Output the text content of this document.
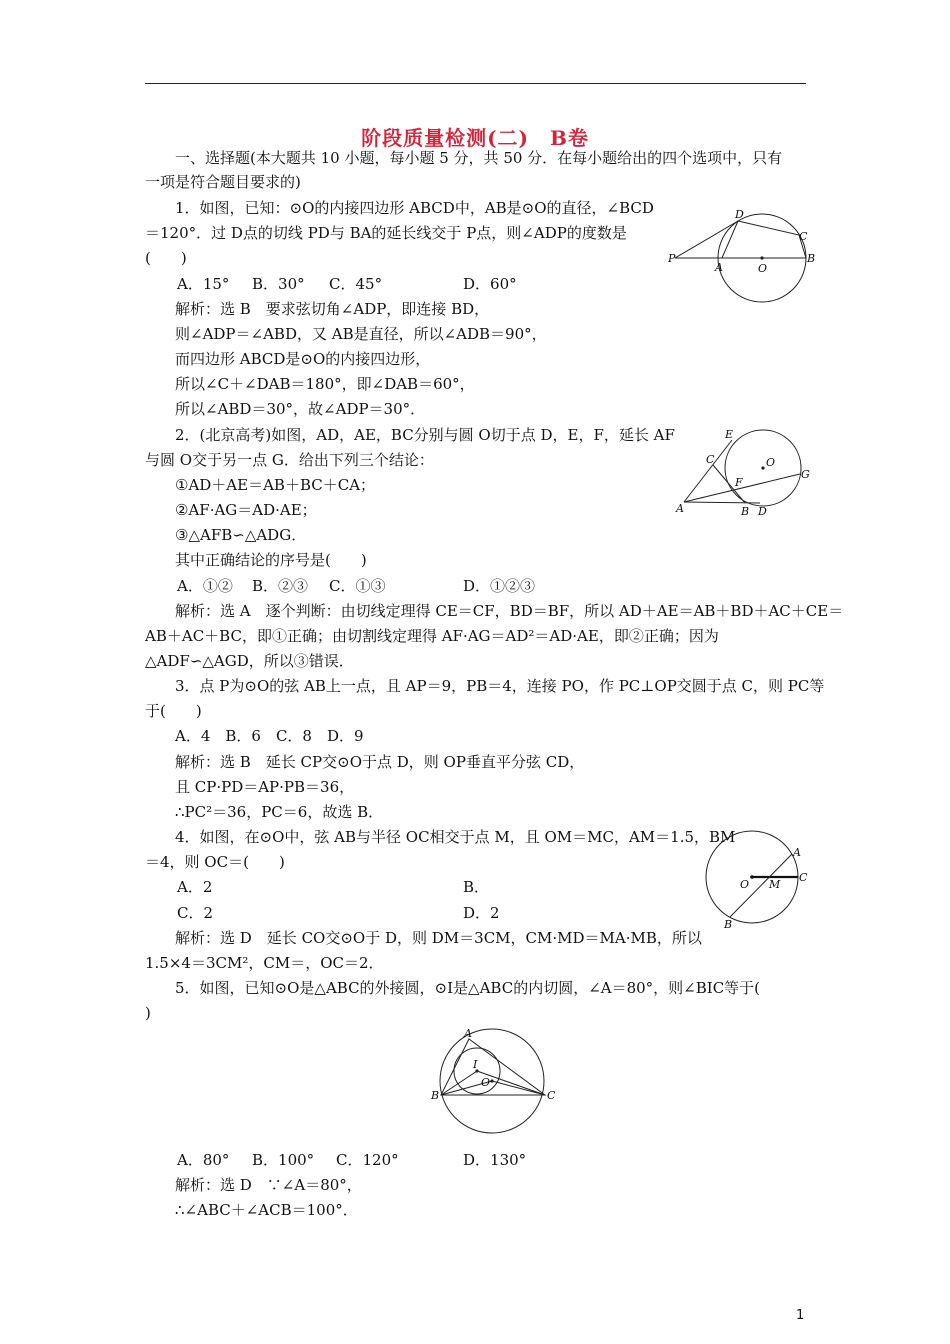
阶段质量检测(二)　B卷
一、选择题(本大题共 10 小题，每小题 5 分，共 50 分．在每小题给出的四个选项中，只有
一项是符合题目要求的)
1．如图，已知：⊙O的内接四边形 ABCD中，AB是⊙O的直径，∠BCD
＝120°．过 D点的切线 PD与 BA的延长线交于 P点，则∠ADP的度数是
(　　)
A．15° B．30° C．45°	D．60°
解析：选 B　要求弦切角∠ADP，即连接 BD，
则∠ADP＝∠ABD，又 AB是直径，所以∠ADB＝90°，
而四边形 ABCD是⊙O的内接四边形，
所以∠C＋∠DAB＝180°，即∠DAB＝60°，
所以∠ABD＝30°，故∠ADP＝30°．
P
A	O
B
C
D
2．(北京高考)如图，AD，AE，BC分别与圆 O切于点 D，E，F，延长 AF
与圆 O交于另一点 G．给出下列三个结论：
①AD＋AE＝AB＋BC＋CA；
②AF·AG＝AD·AE；
③△AFB∽△ADG．
其中正确结论的序号是(　　)
A．①② B．②③ C．①③	D．①②③
解析：选 A　逐个判断：由切线定理得 CE＝CF，BD＝BF，所以 AD＋AE＝AB＋BD＋AC＋CE＝
AB＋AC＋BC，即①正确；由切割线定理得 AF·AG＝AD²＝AD·AE，即②正确；因为
△ADF∽△AGD，所以③错误．
E
C	O
G
F
A	B D
3．点 P为⊙O的弦 AB上一点，且 AP＝9，PB＝4，连接 PO，作 PC⊥OP交圆于点 C，则 PC等
于(　　)
A．4　B．6　C．8　D．9
解析：选 B　延长 CP交⊙O于点 D，则 OP垂直平分弦 CD，
且 CP·PD＝AP·PB＝36，
∴PC²＝36，PC＝6，故选 B．
4．如图，在⊙O中，弦 AB与半径 OC相交于点 M，且 OM＝MC，AM＝1.5，BM
＝4，则 OC＝(　　)
A．2	B．
C．2	D．2
解析：选 D　延长 CO交⊙O于 D，则 DM＝3CM，CM·MD＝MA·MB，所以
1.5×4＝3CM²，CM＝，OC＝2．
A
O M
C
B
5．如图，已知⊙O是△ABC的外接圆，⊙I是△ABC的内切圆，∠A＝80°，则∠BIC等于(
)
A
I
O
B	C
A．80° B．100° C．120°	D．130°
解析：选 D　∵∠A＝80°，
∴∠ABC＋∠ACB＝100°．
1
